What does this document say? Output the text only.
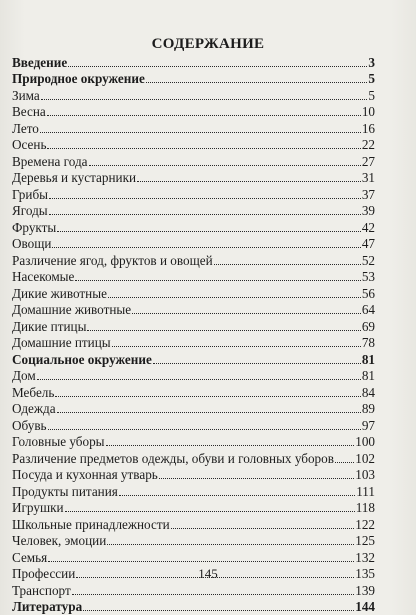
СОДЕРЖАНИЕ
Введение	3
Природное окружение	5
Зима	5
Весна	10
Лето	16
Осень	22
Времена года	27
Деревья и кустарники	31
Грибы	37
Ягоды	39
Фрукты	42
Овощи	47
Различение ягод, фруктов и овощей	52
Насекомые	53
Дикие животные	56
Домашние животные	64
Дикие птицы	69
Домашние птицы	78
Социальное окружение	81
Дом	81
Мебель	84
Одежда	89
Обувь	97
Головные уборы	100
Различение предметов одежды, обуви и головных уборов 102
Посуда и кухонная утварь	103
Продукты питания	111
Игрушки	118
Школьные принадлежности	122
Человек, эмоции	125
Семья	132
Профессии	135
Транспорт	139
Литература	144
145
